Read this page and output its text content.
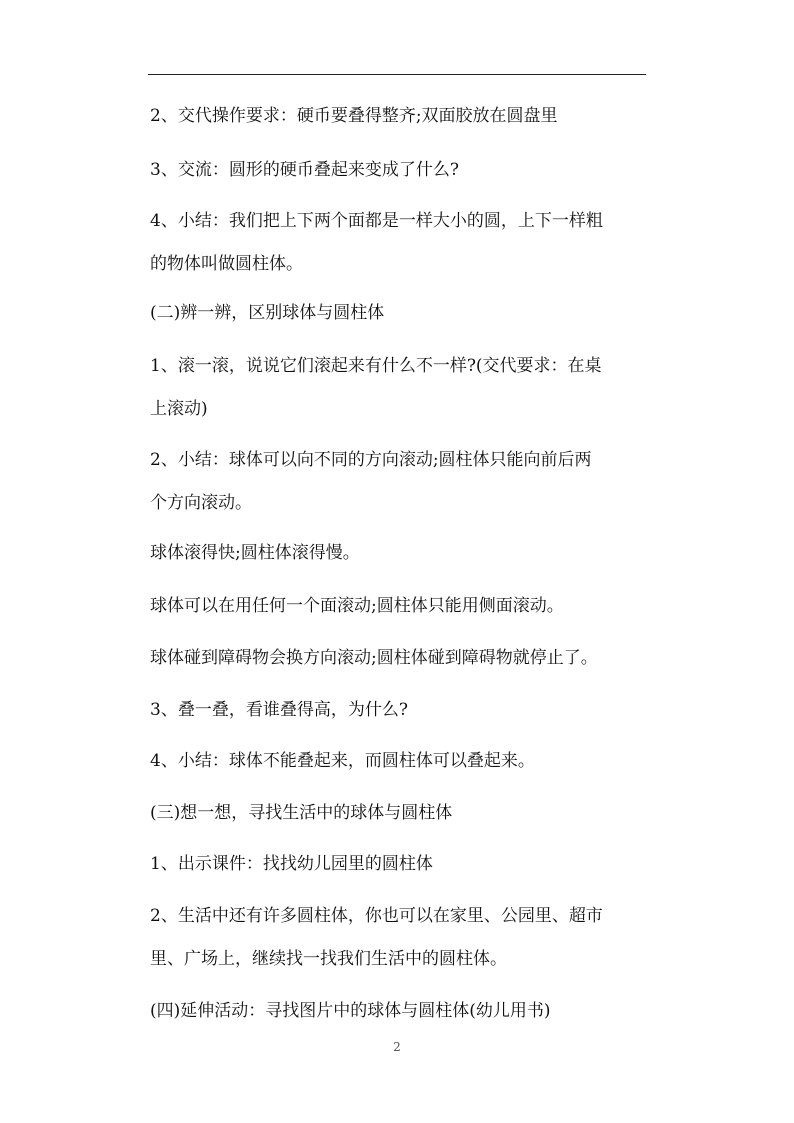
2、交代操作要求：硬币要叠得整齐;双面胶放在圆盘里

3、交流：圆形的硬币叠起来变成了什么?

4、小结：我们把上下两个面都是一样大小的圆，上下一样粗

的物体叫做圆柱体。

(二)辨一辨，区别球体与圆柱体

1、滚一滚，说说它们滚起来有什么不一样?(交代要求：在桌

上滚动)

2、小结：球体可以向不同的方向滚动;圆柱体只能向前后两

个方向滚动。

球体滚得快;圆柱体滚得慢。

球体可以在用任何一个面滚动;圆柱体只能用侧面滚动。

球体碰到障碍物会换方向滚动;圆柱体碰到障碍物就停止了。

3、叠一叠，看谁叠得高，为什么?

4、小结：球体不能叠起来，而圆柱体可以叠起来。

(三)想一想，寻找生活中的球体与圆柱体

1、出示课件：找找幼儿园里的圆柱体

2、生活中还有许多圆柱体，你也可以在家里、公园里、超市

里、广场上，继续找一找我们生活中的圆柱体。

(四)延伸活动：寻找图片中的球体与圆柱体(幼儿用书)

2
